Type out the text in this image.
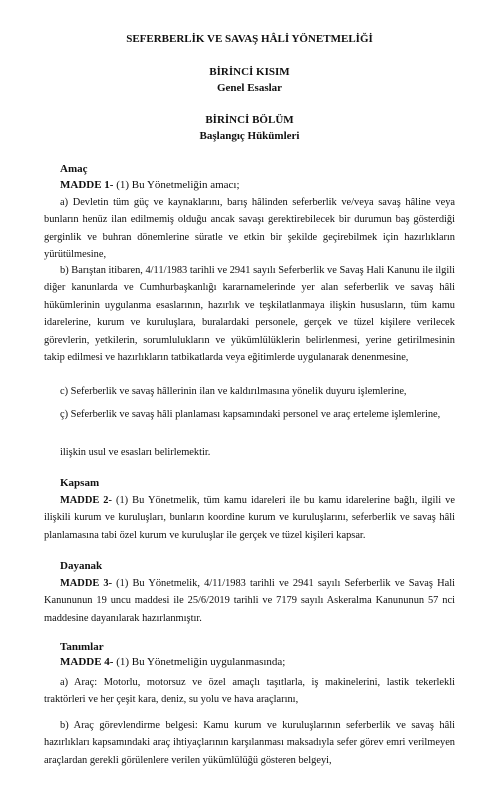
SEFERBERLİK VE SAVAŞ HÂLİ YÖNETMELİĞİ
BİRİNCİ KISIM
Genel Esaslar
BİRİNCİ BÖLÜM
Başlangıç Hükümleri
Amaç
MADDE 1- (1) Bu Yönetmeliğin amacı;
a) Devletin tüm güç ve kaynaklarını, barış hâlinden seferberlik ve/veya savaş hâline veya bunların henüz ilan edilmemiş olduğu ancak savaşı gerektirebilecek bir durumun baş gösterdiği gerginlik ve buhran dönemlerine süratle ve etkin bir şekilde geçirebilmek için hazırlıkların yürütülmesine,
b) Barıştan itibaren, 4/11/1983 tarihli ve 2941 sayılı Seferberlik ve Savaş Hali Kanunu ile ilgili diğer kanunlarda ve Cumhurbaşkanlığı kararnamelerinde yer alan seferberlik ve savaş hâli hükümlerinin uygulanma esaslarının, hazırlık ve teşkilatlanmaya ilişkin hususların, tüm kamu idarelerine, kurum ve kuruluşlara, buralardaki personele, gerçek ve tüzel kişilere verilecek görevlerin, yetkilerin, sorumlulukların ve yükümlülüklerin belirlenmesi, yerine getirilmesinin takip edilmesi ve hazırlıkların tatbikatlarda veya eğitimlerde uygulanarak denenmesine,
c) Seferberlik ve savaş hâllerinin ilan ve kaldırılmasına yönelik duyuru işlemlerine,
ç) Seferberlik ve savaş hâli planlaması kapsamındaki personel ve araç erteleme işlemlerine,
ilişkin usul ve esasları belirlemektir.
Kapsam
MADDE 2- (1) Bu Yönetmelik, tüm kamu idareleri ile bu kamu idarelerine bağlı, ilgili ve ilişkili kurum ve kuruluşları, bunların koordine kurum ve kuruluşlarını, seferberlik ve savaş hâli planlamasına tabi özel kurum ve kuruluşlar ile gerçek ve tüzel kişileri kapsar.
Dayanak
MADDE 3- (1) Bu Yönetmelik, 4/11/1983 tarihli ve 2941 sayılı Seferberlik ve Savaş Hali Kanununun 19 uncu maddesi ile 25/6/2019 tarihli ve 7179 sayılı Askeralma Kanununun 57 nci maddesine dayanılarak hazırlanmıştır.
Tanımlar
MADDE 4- (1) Bu Yönetmeliğin uygulanmasında;
a) Araç: Motorlu, motorsuz ve özel amaçlı taşıtlarla, iş makinelerini, lastik tekerlekli traktörleri ve her çeşit kara, deniz, su yolu ve hava araçlarını,
b) Araç görevlendirme belgesi: Kamu kurum ve kuruluşlarının seferberlik ve savaş hâli hazırlıkları kapsamındaki araç ihtiyaçlarının karşılanması maksadıyla sefer görev emri verilmeyen araçlardan gerekli görülenlere verilen yükümlülüğü gösteren belgeyi,
